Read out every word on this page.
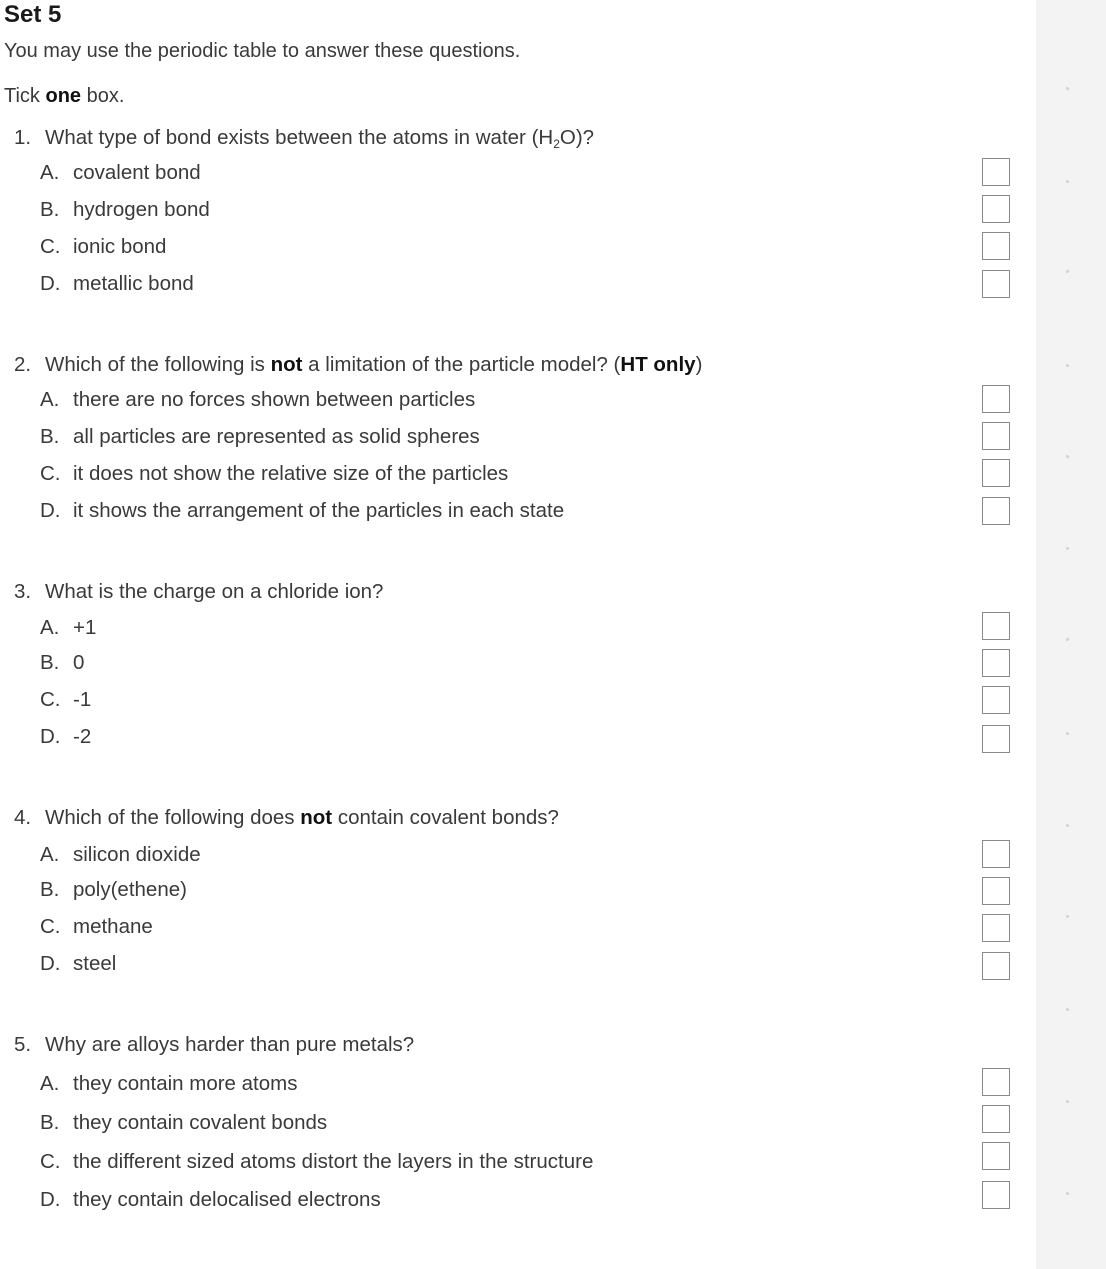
Set 5
You may use the periodic table to answer these questions.
Tick one box.
1. What type of bond exists between the atoms in water $(H_2O)$?
A. covalent bond
B. hydrogen bond
C. ionic bond
D. metallic bond
2. Which of the following is not a limitation of the particle model? (HT only)
A. there are no forces shown between particles
B. all particles are represented as solid spheres
C. it does not show the relative size of the particles
D. it shows the arrangement of the particles in each state
3. What is the charge on a chloride ion?
A. +1
B. 0
C. -1
D. -2
4. Which of the following does not contain covalent bonds?
A. silicon dioxide
B. poly(ethene)
C. methane
D. steel
5. Why are alloys harder than pure metals?
A. they contain more atoms
B. they contain covalent bonds
C. the different sized atoms distort the layers in the structure
D. they contain delocalised electrons
